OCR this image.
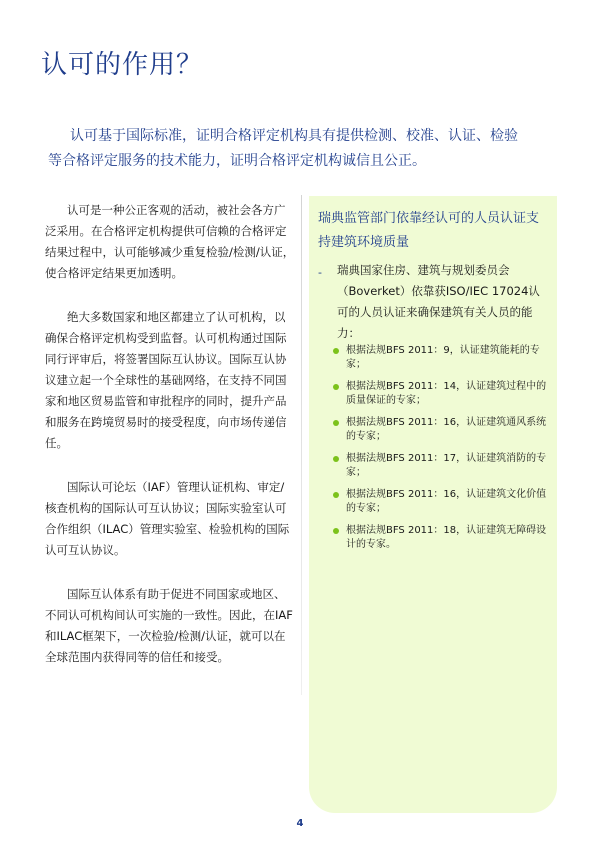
认可的作用？

认可基于国际标准，证明合格评定机构具有提供检测、校准、认证、检验

等合格评定服务的技术能力，证明合格评定机构诚信且公正。

认可是一种公正客观的活动，被社会各方广泛采用。在合格评定机构提供可信赖的合格评定结果过程中，认可能够减少重复检验/检测/认证，使合格评定结果更加透明。

绝大多数国家和地区都建立了认可机构，以确保合格评定机构受到监督。认可机构通过国际同行评审后，将签署国际互认协议。国际互认协议建立起一个全球性的基础网络，在支持不同国家和地区贸易监管和审批程序的同时，提升产品和服务在跨境贸易时的接受程度，向市场传递信任。

国际认可论坛（IAF）管理认证机构、审定/核查机构的国际认可互认协议；国际实验室认可合作组织（ILAC）管理实验室、检验机构的国际认可互认协议。

国际互认体系有助于促进不同国家或地区、不同认可机构间认可实施的一致性。因此，在IAF和ILAC框架下，一次检验/检测/认证，就可以在全球范围内获得同等的信任和接受。

瑞典监管部门依靠经认可的人员认证支持建筑环境质量
- 瑞典国家住房、建筑与规划委员会（Boverket）依靠获ISO/IEC 17024认可的人员认证来确保建筑有关人员的能力：
根据法规BFS 2011：9，认证建筑能耗的专家；
根据法规BFS 2011：14，认证建筑过程中的质量保证的专家；
根据法规BFS 2011：16，认证建筑通风系统的专家；
根据法规BFS 2011：17，认证建筑消防的专家；
根据法规BFS 2011：16，认证建筑文化价值的专家；
根据法规BFS 2011：18，认证建筑无障碍设计的专家。
4
